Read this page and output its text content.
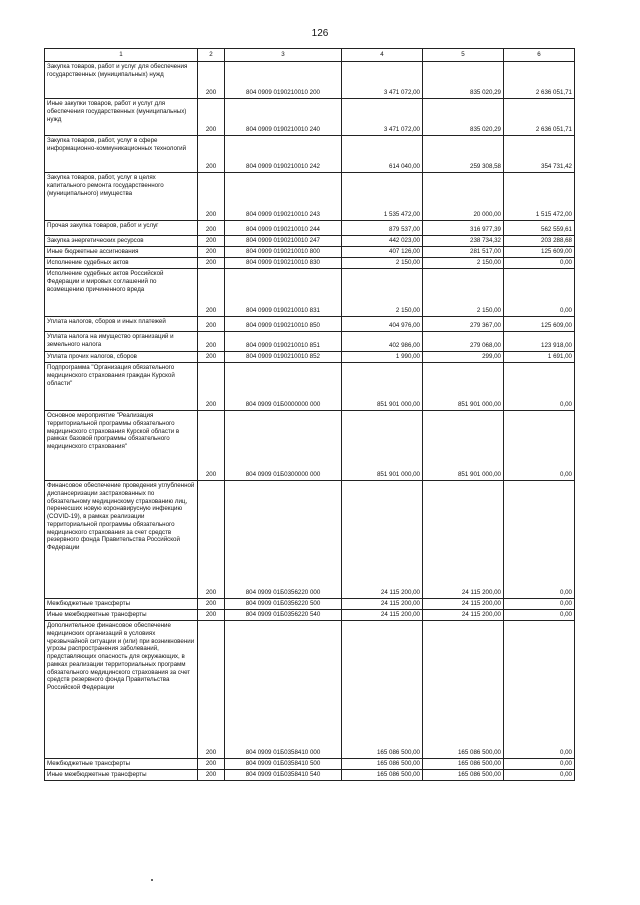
126
1	2	3	4	5	6
Закупка товаров, работ и услуг для обеспечения государственных (муниципальных) нужд	200	804 0909 0190210010 200	3 471 072,00	835 020,29	2 636 051,71
Иные закупки товаров, работ и услуг для обеспечения государственных (муниципальных) нужд	200	804 0909 0190210010 240	3 471 072,00	835 020,29	2 636 051,71
Закупка товаров, работ, услуг в сфере информационно-коммуникационных технологий	200	804 0909 0190210010 242	614 040,00	259 308,58	354 731,42
Закупка товаров, работ, услуг в целях капитального ремонта государственного (муниципального) имущества	200	804 0909 0190210010 243	1 535 472,00	20 000,00	1 515 472,00
Прочая закупка товаров, работ и услуг	200	804 0909 0190210010 244	879 537,00	316 977,39	562 559,61
Закупка энергетических ресурсов	200	804 0909 0190210010 247	442 023,00	238 734,32	203 288,68
Иные бюджетные ассигнования	200	804 0909 0190210010 800	407 126,00	281 517,00	125 609,00
Исполнение судебных актов	200	804 0909 0190210010 830	2 150,00	2 150,00	0,00
Исполнение судебных актов Российской Федерации и мировых соглашений по возмещению причиненного вреда	200	804 0909 0190210010 831	2 150,00	2 150,00	0,00
Уплата налогов, сборов и иных платежей	200	804 0909 0190210010 850	404 976,00	279 367,00	125 609,00
Уплата налога на имущество организаций и земельного налога	200	804 0909 0190210010 851	402 986,00	279 068,00	123 918,00
Уплата прочих налогов, сборов	200	804 0909 0190210010 852	1 990,00	299,00	1 691,00
Подпрограмма "Организация обязательного медицинского страхования граждан Курской области"	200	804 0909 01Б0000000 000	851 901 000,00	851 901 000,00	0,00
Основное мероприятие "Реализация территориальной программы обязательного медицинского страхования Курской области в рамках базовой программы обязательного медицинского страхования"	200	804 0909 01Б0300000 000	851 901 000,00	851 901 000,00	0,00
Финансовое обеспечение проведения углубленной диспансеризации застрахованных по обязательному медицинскому страхованию лиц, перенесших новую коронавирусную инфекцию (COVID-19), в рамках реализации территориальной программы обязательного медицинского страхования за счет средств резервного фонда Правительства Российской Федерации	200	804 0909 01Б0356220 000	24 115 200,00	24 115 200,00	0,00
Межбюджетные трансферты	200	804 0909 01Б0356220 500	24 115 200,00	24 115 200,00	0,00
Иные межбюджетные трансферты	200	804 0909 01Б0356220 540	24 115 200,00	24 115 200,00	0,00
Дополнительное финансовое обеспечение медицинских организаций в условиях чрезвычайной ситуации и (или) при возникновении угрозы распространения заболеваний, представляющих опасность для окружающих, в рамках реализации территориальных программ обязательного медицинского страхования за счет средств резервного фонда Правительства Российской Федерации	200	804 0909 01Б0358410 000	165 086 500,00	165 086 500,00	0,00
Межбюджетные трансферты	200	804 0909 01Б0358410 500	165 086 500,00	165 086 500,00	0,00
Иные межбюджетные трансферты	200	804 0909 01Б0358410 540	165 086 500,00	165 086 500,00	0,00
